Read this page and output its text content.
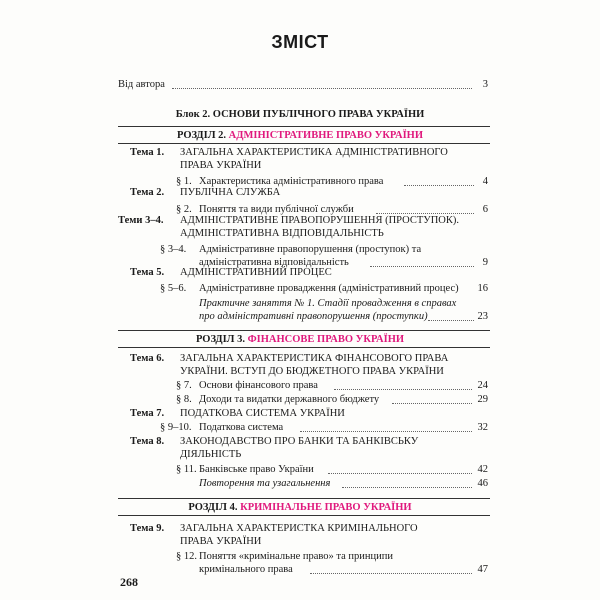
ЗМІСТ
Від автора	3
Блок 2. ОСНОВИ ПУБЛІЧНОГО ПРАВА УКРАЇНИ
РОЗДІЛ 2. АДМІНІСТРАТИВНЕ ПРАВО УКРАЇНИ
Тема 1. ЗАГАЛЬНА ХАРАКТЕРИСТИКА АДМІНІСТРАТИВНОГО
ПРАВА УКРАЇНИ
§ 1. Характеристика адміністративного права	4
Тема 2. ПУБЛІЧНА СЛУЖБА
§ 2. Поняття та види публічної служби	6
Теми 3–4. АДМІНІСТРАТИВНЕ ПРАВОПОРУШЕННЯ (ПРОСТУПОК).
АДМІНІСТРАТИВНА ВІДПОВІДАЛЬНІСТЬ
§ 3–4. Адміністративне правопорушення (проступок) та
адміністративна відповідальність	9
Тема 5. АДМІНІСТРАТИВНИЙ ПРОЦЕС
§ 5–6. Адміністративне провадження (адміністративний процес)	16
Практичне заняття № 1. Стадії провадження в справах
про адміністративні правопорушення (проступки)	23
РОЗДІЛ 3. ФІНАНСОВЕ ПРАВО УКРАЇНИ
Тема 6. ЗАГАЛЬНА ХАРАКТЕРИСТИКА ФІНАНСОВОГО ПРАВА
УКРАЇНИ. ВСТУП ДО БЮДЖЕТНОГО ПРАВА УКРАЇНИ
§ 7. Основи фінансового права	24
§ 8. Доходи та видатки державного бюджету	29
Тема 7. ПОДАТКОВА СИСТЕМА УКРАЇНИ
§ 9–10. Податкова система	32
Тема 8. ЗАКОНОДАВСТВО ПРО БАНКИ ТА БАНКІВСЬКУ
ДІЯЛЬНІСТЬ
§ 11. Банківське право України	42
Повторення та узагальнення	46
РОЗДІЛ 4. КРИМІНАЛЬНЕ ПРАВО УКРАЇНИ
Тема 9. ЗАГАЛЬНА ХАРАКТЕРИСТКА КРИМІНАЛЬНОГО
ПРАВА УКРАЇНИ
§ 12. Поняття «кримінальне право» та принципи
кримінального права	47
268
